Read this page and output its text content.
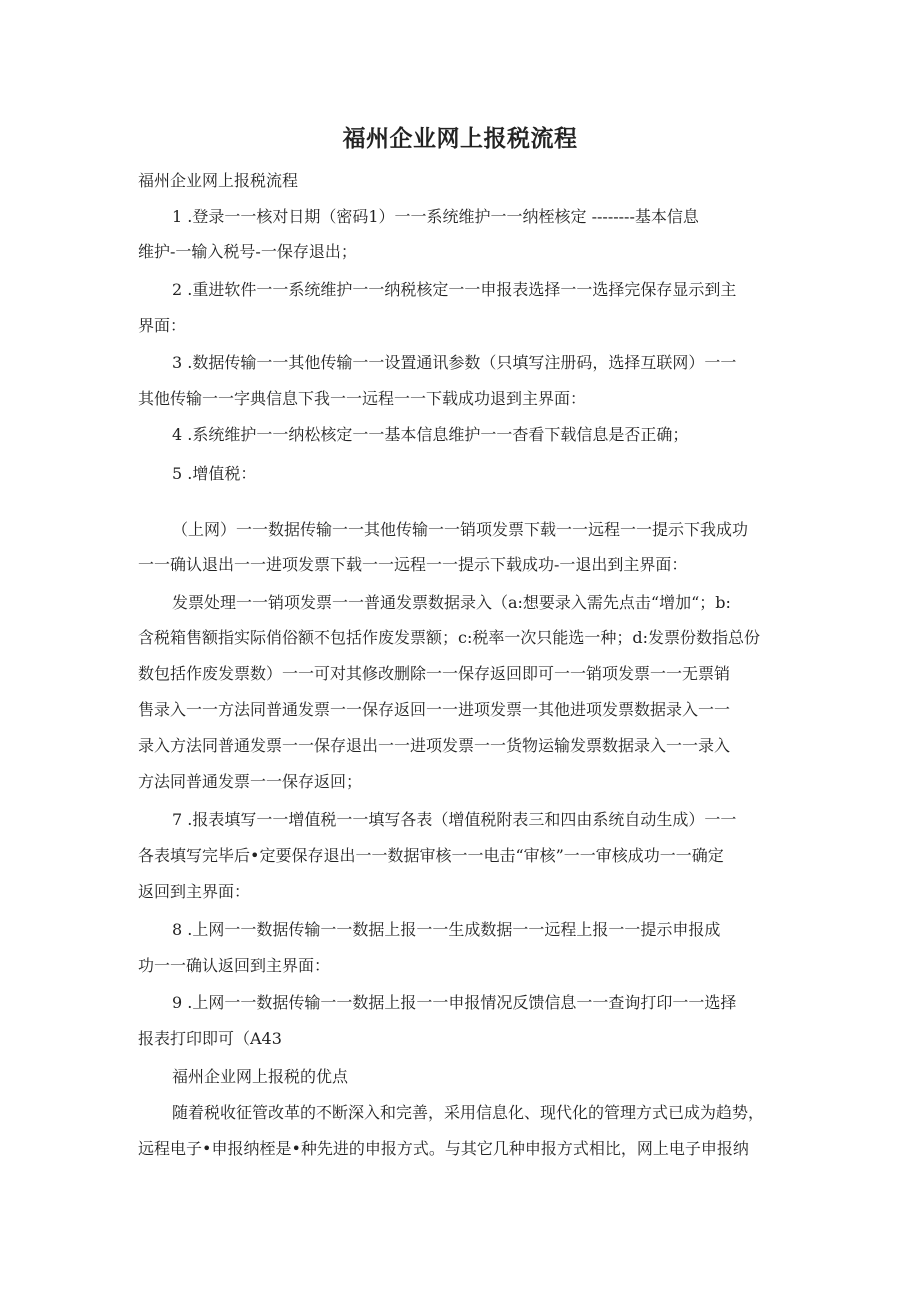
福州企业网上报税流程

福州企业网上报税流程

1 .登录一一核对日期（密码1）一一系统维护一一纳桎核定 --------基本信息

维护-一输入税号-一保存退出；

2 .重进软件一一系统维护一一纳税核定一一申报表选择一一选择完保存显示到主

界面：

3 .数据传输一一其他传输一一设置通讯参数（只填写注册码，选择互联网）一一

其他传输一一字典信息下我一一远程一一下载成功退到主界面：

4 .系统维护一一纳松核定一一基本信息维护一一杳看下载信息是否正确；

5 .增值税：

（上网）一一数据传输一一其他传输一一销项发票下载一一远程一一提示下我成功

一一确认退出一一进项发票下载一一远程一一提示下载成功-一退出到主界面：

发票处理一一销项发票一一普通发票数据录入（a:想要录入需先点击“增加“；b:

含税箱售额指实际俏俗额不包括作废发票额；c:税率一次只能选一种；d:发票份数指总份

数包括作废发票数）一一可对其修改删除一一保存返回即可一一销项发票一一无票销

售录入一一方法同普通发票一一保存返回一一进项发票一其他进项发票数据录入一一

录入方法同普通发票一一保存退出一一进项发票一一货物运输发票数据录入一一录入

方法同普通发票一一保存返回；

7 .报表填写一一增值税一一填写各表（增值税附表三和四由系统自动生成）一一

各表填写完毕后•定要保存退出一一数据审核一一电击“审核”一一审核成功一一确定

返回到主界面：

8 .上网一一数据传输一一数据上报一一生成数据一一远程上报一一提示申报成

功一一确认返回到主界面：

9 .上网一一数据传输一一数据上报一一申报情况反馈信息一一查询打印一一选择

报表打印即可（A43

福州企业网上报税的优点

随着税收征管改革的不断深入和完善，采用信息化、现代化的管理方式已成为趋势，

远程电子•申报纳桎是•种先进的申报方式。与其它几种申报方式相比，网上电子申报纳
